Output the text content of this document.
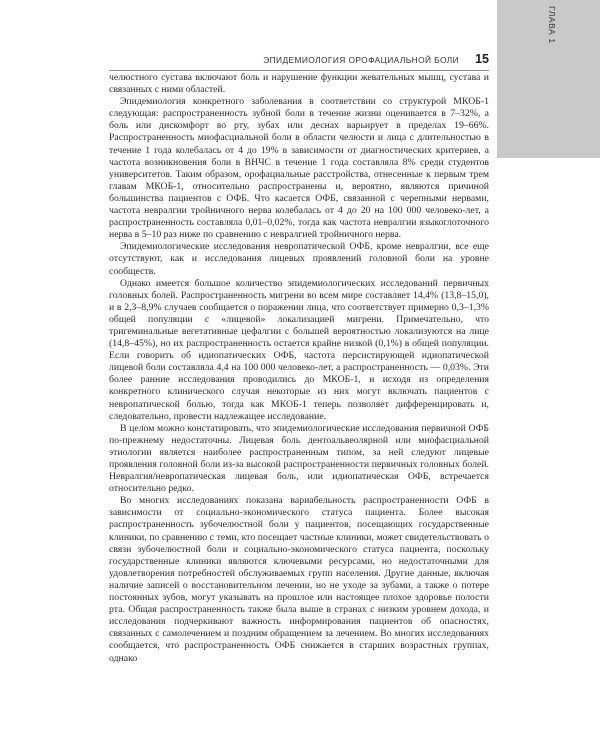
ГЛАВА 1
ЭПИДЕМИОЛОГИЯ ОРОФАЦИАЛЬНОЙ БОЛИ 15

челюстного сустава включают боль и нарушение функции жевательных мышц, сустава и связанных с ними областей.

Эпидемиология конкретного заболевания в соответствии со структурой МКОБ-1 следующая: распространенность зубной боли в течение жизни оценивается в 7–32%, а боль или дискомфорт во рту, зубах или деснах варьирует в пределах 19–66%. Распространенность миофасциальной боли в области челюсти и лица с длительностью в течение 1 года колебалась от 4 до 19% в зависимости от диагностических критериев, а частота возникновения боли в ВНЧС в течение 1 года составляла 8% среди студентов университетов. Таким образом, орофациальные расстройства, отнесенные к первым трем главам МКОБ-1, относительно распространены и, вероятно, являются причиной большинства пациентов с ОФБ. Что касается ОФБ, связанной с черепными нервами, частота невралгии тройничного нерва колебалась от 4 до 20 на 100 000 человеко-лет, а распространенность составляла 0,01–0,02%, тогда как частота невралгии языкоглоточного нерва в 5–10 раз ниже по сравнению с невралгией тройничного нерва.

Эпидемиологические исследования невропатической ОФБ, кроме невралгии, все еще отсутствуют, как и исследования лицевых проявлений головной боли на уровне сообществ.

Однако имеется большое количество эпидемиологических исследований первичных головных болей. Распространенность мигрени во всем мире составляет 14,4% (13,8–15,0), и в 2,3–8,9% случаев сообщается о поражении лица, что соответствует примерно 0,3–1,3% общей популяции с «лицевой» локализацией мигрени. Примечательно, что тригеминальные вегетативные цефалгии с большей вероятностью локализуются на лице (14,8–45%), но их распространенность остается крайне низкой (0,1%) в общей популяции. Если говорить об идиопатических ОФБ, частота персистирующей идиопатической лицевой боли составляла 4,4 на 100 000 человеко-лет, а распространенность — 0,03%. Эти более ранние исследования проводились до МКОБ-1, и исходя из определения конкретного клинического случая некоторые из них могут включать пациентов с невропатической болью, тогда как МКОБ-1 теперь позволяет дифференцировать и, следовательно, провести надлежащее исследование.

В целом можно констатировать, что эпидемиологические исследования первичной ОФБ по-прежнему недостаточны. Лицевая боль дентоальвеолярной или миофасциальной этиологии является наиболее распространенным типом, за ней следуют лицевые проявления головной боли из-за высокой распространенности первичных головных болей. Невралгия/невропатическая лицевая боль, или идиопатическая ОФБ, встречается относительно редко.

Во многих исследованиях показана вариабельность распространенности ОФБ в зависимости от социально-экономического статуса пациента. Более высокая распространенность зубочелюстной боли у пациентов, посещающих государственные клиники, по сравнению с теми, кто посещает частные клиники, может свидетельствовать о связи зубочелюстной боли и социально-экономического статуса пациента, поскольку государственные клиники являются ключевыми ресурсами, но недостаточными для удовлетворения потребностей обслуживаемых групп населения. Другие данные, включая наличие записей о восстановительном лечении, но не уходе за зубами, а также о потере постоянных зубов, могут указывать на прошлое или настоящее плохое здоровье полости рта. Общая распространенность также была выше в странах с низким уровнем дохода, и исследования подчеркивают важность информирования пациентов об опасностях, связанных с самолечением и поздним обращением за лечением. Во многих исследованиях сообщается, что распространенность ОФБ снижается в старших возрастных группах, однако
